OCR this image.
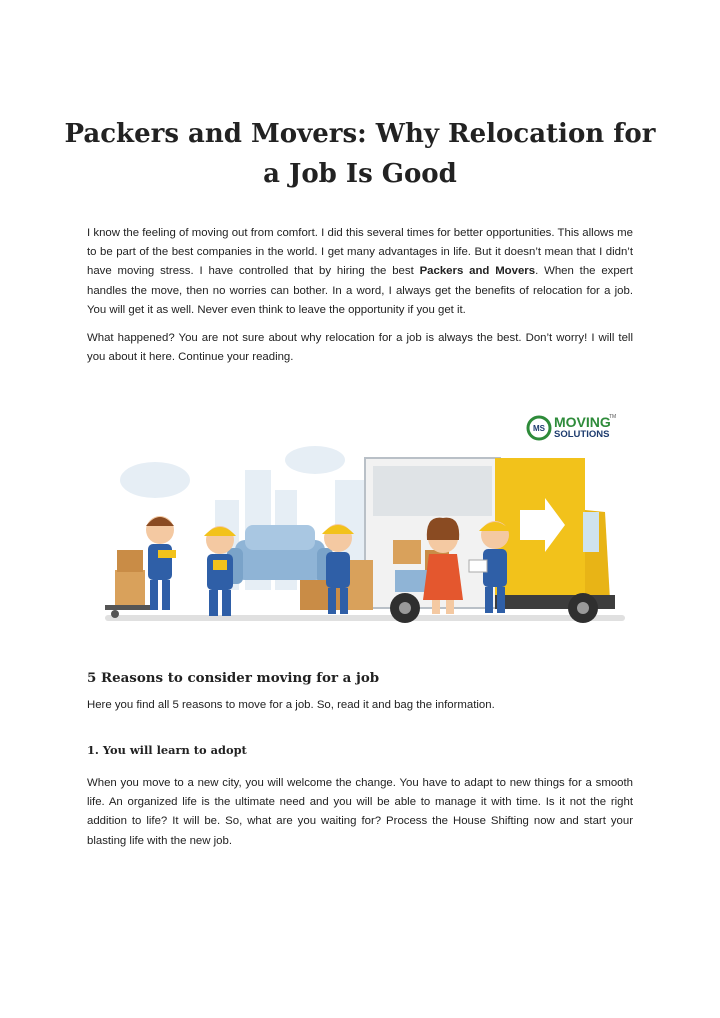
Packers and Movers: Why Relocation for
a Job Is Good

I know the feeling of moving out from comfort. I did this several times for better opportunities. This allows me to be part of the best companies in the world. I get many advantages in life. But it doesn’t mean that I didn’t have moving stress. I have controlled that by hiring the best Packers and Movers. When the expert handles the move, then no worries can bother. In a word, I always get the benefits of relocation for a job. You will get it as well. Never even think to leave the opportunity if you get it.

What happened? You are not sure about why relocation for a job is always the best. Don’t worry! I will tell you about it here. Continue your reading.

MS MOVING
SOLUTIONS
TM
5 Reasons to consider moving for a job

Here you find all 5 reasons to move for a job. So, read it and bag the information.

1. You will learn to adopt

When you move to a new city, you will welcome the change. You have to adapt to new things for a smooth life. An organized life is the ultimate need and you will be able to manage it with time. Is it not the right addition to life? It will be. So, what are you waiting for? Process the House Shifting now and start your blasting life with the new job.
